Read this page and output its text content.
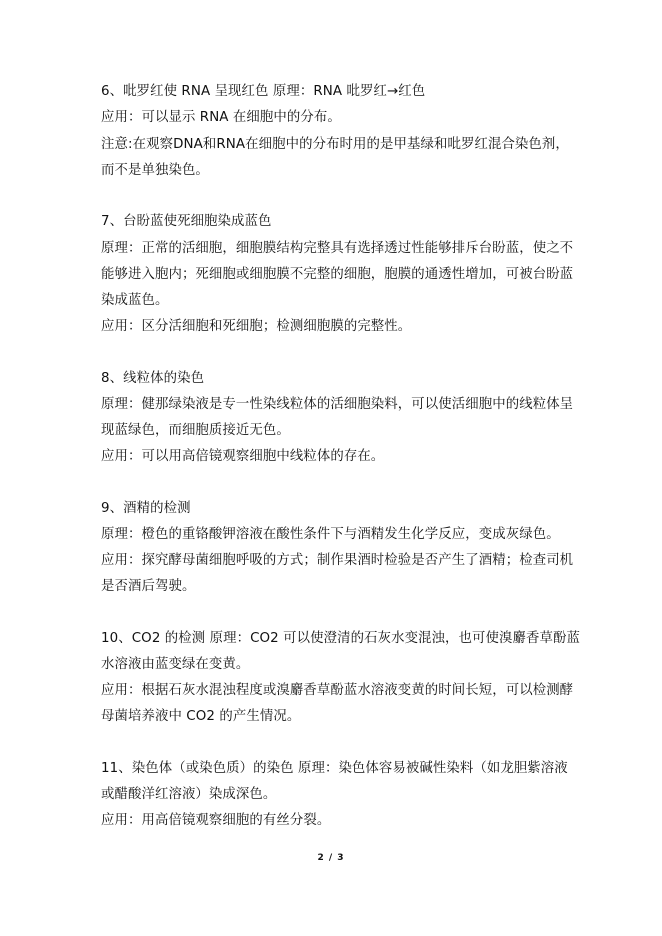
6、吡罗红使 RNA 呈现红色 原理：RNA 吡罗红→红色
应用：可以显示 RNA 在细胞中的分布。
注意:在观察DNA和RNA在细胞中的分布时用的是甲基绿和吡罗红混合染色剂，
而不是单独染色。
7、台盼蓝使死细胞染成蓝色
原理：正常的活细胞，细胞膜结构完整具有选择透过性能够排斥台盼蓝，使之不
能够进入胞内；死细胞或细胞膜不完整的细胞，胞膜的通透性增加，可被台盼蓝
染成蓝色。
应用：区分活细胞和死细胞；检测细胞膜的完整性。
8、线粒体的染色
原理：健那绿染液是专一性染线粒体的活细胞染料，可以使活细胞中的线粒体呈
现蓝绿色，而细胞质接近无色。
应用：可以用高倍镜观察细胞中线粒体的存在。
9、酒精的检测
原理：橙色的重铬酸钾溶液在酸性条件下与酒精发生化学反应，变成灰绿色。
应用：探究酵母菌细胞呼吸的方式；制作果酒时检验是否产生了酒精；检查司机
是否酒后驾驶。
10、CO2 的检测 原理：CO2 可以使澄清的石灰水变混浊，也可使溴麝香草酚蓝
水溶液由蓝变绿在变黄。
应用：根据石灰水混浊程度或溴麝香草酚蓝水溶液变黄的时间长短，可以检测酵
母菌培养液中 CO2 的产生情况。
11、染色体（或染色质）的染色 原理：染色体容易被碱性染料（如龙胆紫溶液
或醋酸洋红溶液）染成深色。
应用：用高倍镜观察细胞的有丝分裂。
2 / 3
